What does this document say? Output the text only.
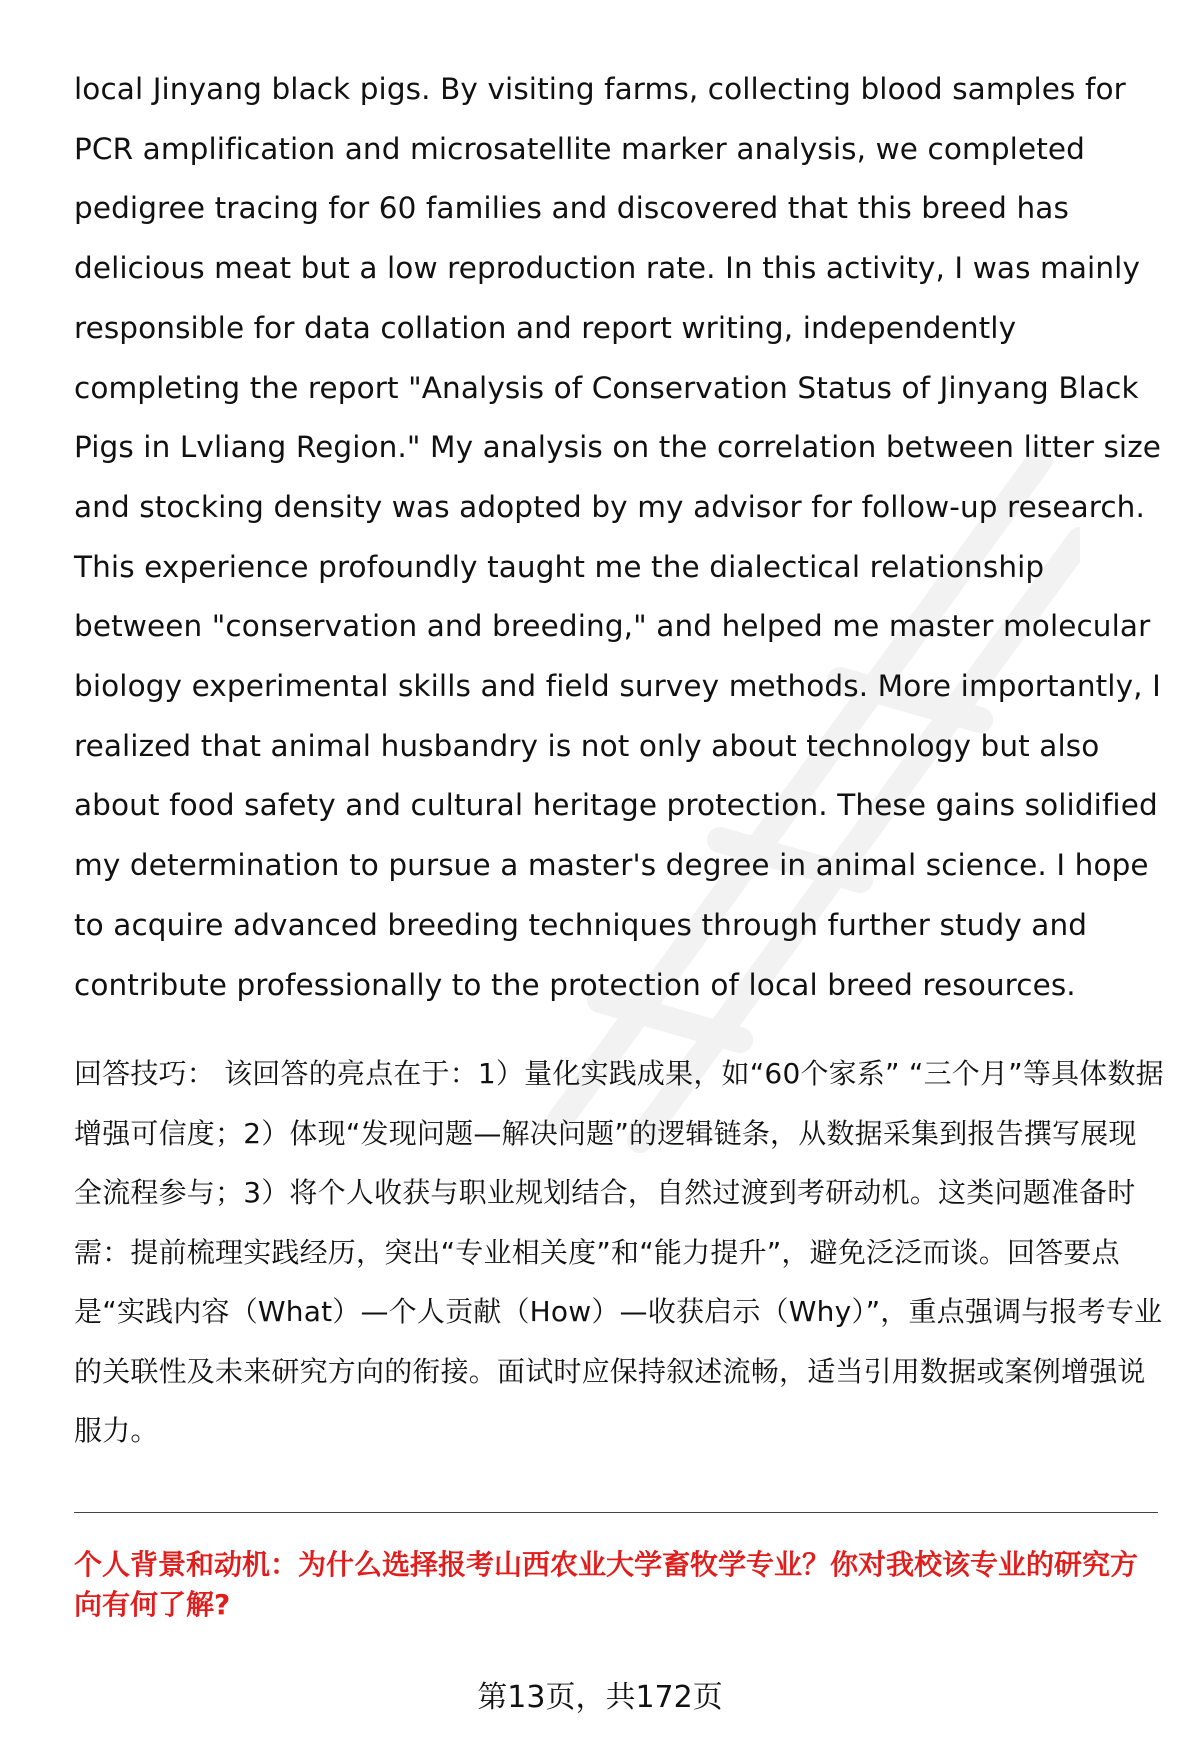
local Jinyang black pigs. By visiting farms, collecting blood samples for PCR amplification and microsatellite marker analysis, we completed pedigree tracing for 60 families and discovered that this breed has delicious meat but a low reproduction rate. In this activity, I was mainly responsible for data collation and report writing, independently completing the report "Analysis of Conservation Status of Jinyang Black Pigs in Lvliang Region." My analysis on the correlation between litter size and stocking density was adopted by my advisor for follow-up research. This experience profoundly taught me the dialectical relationship between "conservation and breeding," and helped me master molecular biology experimental skills and field survey methods. More importantly, I realized that animal husbandry is not only about technology but also about food safety and cultural heritage protection. These gains solidified my determination to pursue a master's degree in animal science. I hope to acquire advanced breeding techniques through further study and contribute professionally to the protection of local breed resources.
回答技巧： 该回答的亮点在于：1）量化实践成果，如“60个家系” “三个月”等具体数据增强可信度；2）体现“发现问题—解决问题”的逻辑链条，从数据采集到报告撰写展现全流程参与；3）将个人收获与职业规划结合，自然过渡到考研动机。这类问题准备时需：提前梳理实践经历，突出“专业相关度”和“能力提升”，避免泛泛而谈。回答要点是“实践内容（What）—个人贡献（How）—收获启示（Why）”，重点强调与报考专业的关联性及未来研究方向的衔接。面试时应保持叙述流畅，适当引用数据或案例增强说服力。
个人背景和动机：为什么选择报考山西农业大学畜牧学专业？你对我校该专业的研究方向有何了解?
第13页，共172页
